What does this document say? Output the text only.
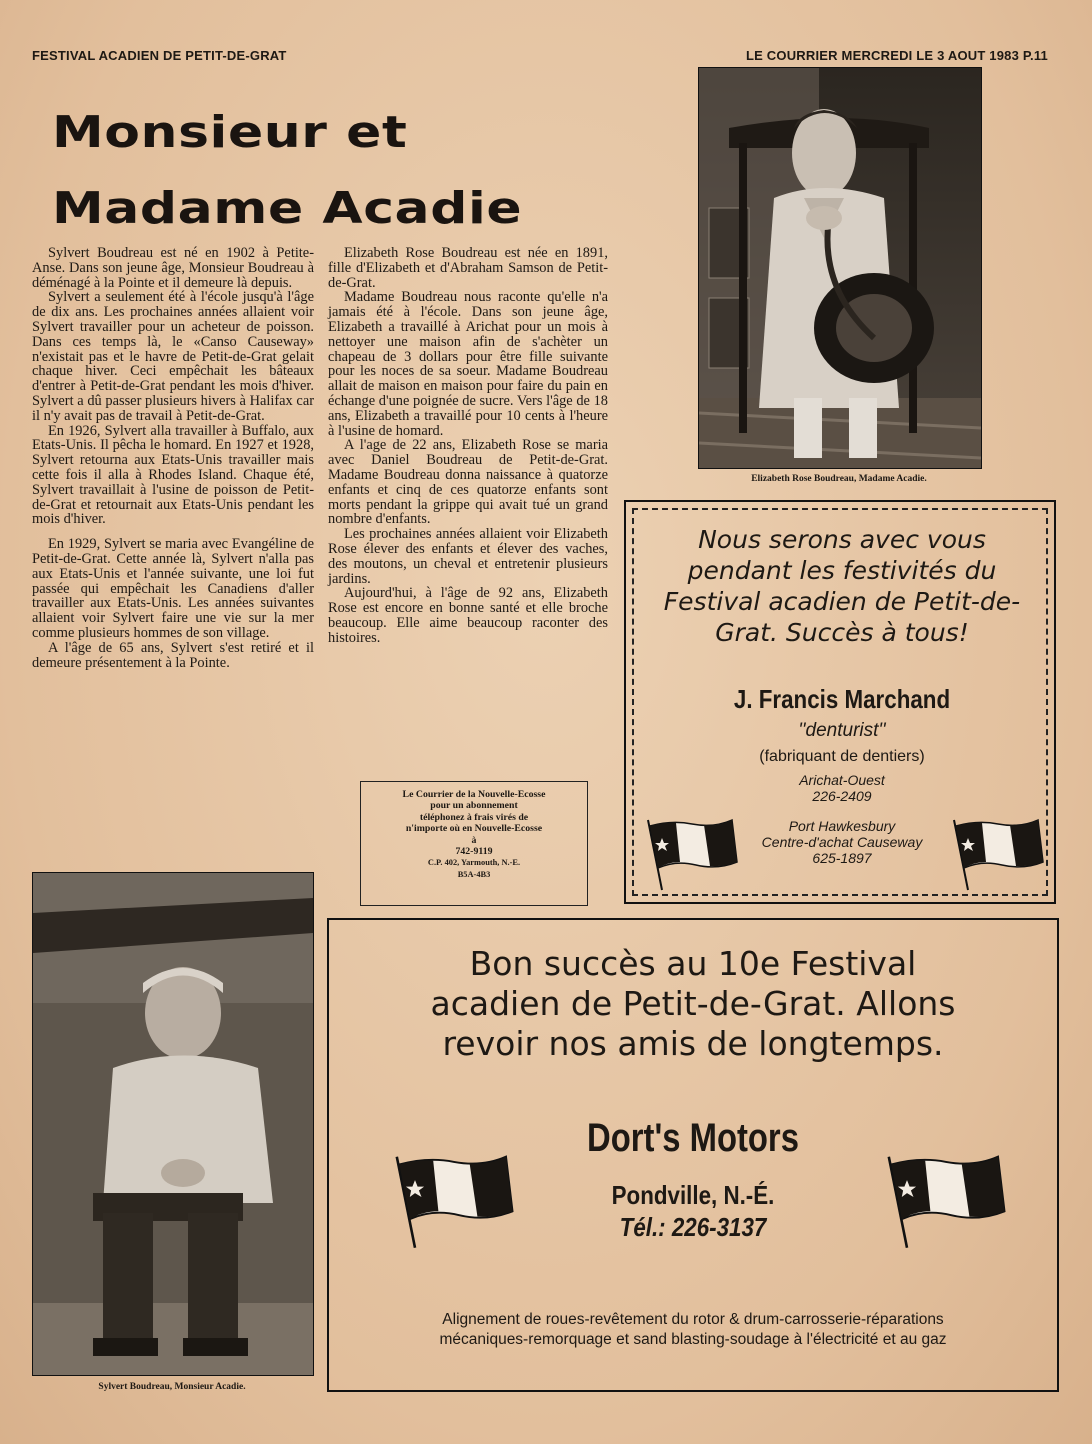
FESTIVAL ACADIEN DE PETIT-DE-GRAT	LE COURRIER MERCREDI LE 3 AOUT 1983 P.11
Monsieur et
Madame Acadie

Sylvert Boudreau est né en 1902 à Petite-Anse. Dans son jeune âge, Monsieur Boudreau à déménagé à la Pointe et il demeure là depuis.

Sylvert a seulement été à l'école jusqu'à l'âge de dix ans. Les prochaines années allaient voir Sylvert travailler pour un acheteur de poisson. Dans ces temps là, le «Canso Causeway» n'existait pas et le havre de Petit-de-Grat gelait chaque hiver. Ceci empêchait les bâteaux d'entrer à Petit-de-Grat pendant les mois d'hiver. Sylvert a dû passer plusieurs hivers à Halifax car il n'y avait pas de travail à Petit-de-Grat.

En 1926, Sylvert alla travailler à Buffalo, aux Etats-Unis. Il pêcha le homard. En 1927 et 1928, Sylvert retourna aux Etats-Unis travailler mais cette fois il alla à Rhodes Island. Chaque été, Sylvert travaillait à l'usine de poisson de Petit-de-Grat et retournait aux Etats-Unis pendant les mois d'hiver.

En 1929, Sylvert se maria avec Evangéline de Petit-de-Grat. Cette année là, Sylvert n'alla pas aux Etats-Unis et l'année suivante, une loi fut passée qui empêchait les Canadiens d'aller travailler aux Etats-Unis. Les années suivantes allaient voir Sylvert faire une vie sur la mer comme plusieurs hommes de son village.

A l'âge de 65 ans, Sylvert s'est retiré et il demeure présentement à la Pointe.

Elizabeth Rose Boudreau est née en 1891, fille d'Elizabeth et d'Abraham Samson de Petit-de-Grat.

Madame Boudreau nous raconte qu'elle n'a jamais été à l'école. Dans son jeune âge, Elizabeth a travaillé à Arichat pour un mois à nettoyer une maison afin de s'achèter un chapeau de 3 dollars pour être fille suivante pour les noces de sa soeur. Madame Boudreau allait de maison en maison pour faire du pain en échange d'une poignée de sucre. Vers l'âge de 18 ans, Elizabeth a travaillé pour 10 cents à l'heure à l'usine de homard.

A l'age de 22 ans, Elizabeth Rose se maria avec Daniel Boudreau de Petit-de-Grat. Madame Boudreau donna naissance à quatorze enfants et cinq de ces quatorze enfants sont morts pendant la grippe qui avait tué un grand nombre d'enfants.

Les prochaines années allaient voir Elizabeth Rose élever des enfants et élever des vaches, des moutons, un cheval et entretenir plusieurs jardins.

Aujourd'hui, à l'âge de 92 ans, Elizabeth Rose est encore en bonne santé et elle broche beaucoup. Elle aime beaucoup raconter des histoires.

Elizabeth Rose Boudreau, Madame Acadie.
Le Courrier de la Nouvelle-Ecosse
pour un abonnement
téléphonez à frais virés de
n'importe où en Nouvelle-Ecosse
à
742-9119
C.P. 402, Yarmouth, N.-E.
B5A-4B3
Sylvert Boudreau, Monsieur Acadie.
Nous serons avec vous pendant les festivités du Festival acadien de Petit-de-Grat. Succès à tous!
J. Francis Marchand
''denturist''
(fabriquant de dentiers)
Arichat-Ouest
226-2409
Port Hawkesbury
Centre-d'achat Causeway
625-1897
Bon succès au 10e Festival
acadien de Petit-de-Grat. Allons
revoir nos amis de longtemps.
Dort's Motors
Pondville, N.-É.
Tél.: 226-3137
Alignement de roues-revêtement du rotor & drum-carrosserie-réparations
mécaniques-remorquage et sand blasting-soudage à l'électricité et au gaz
